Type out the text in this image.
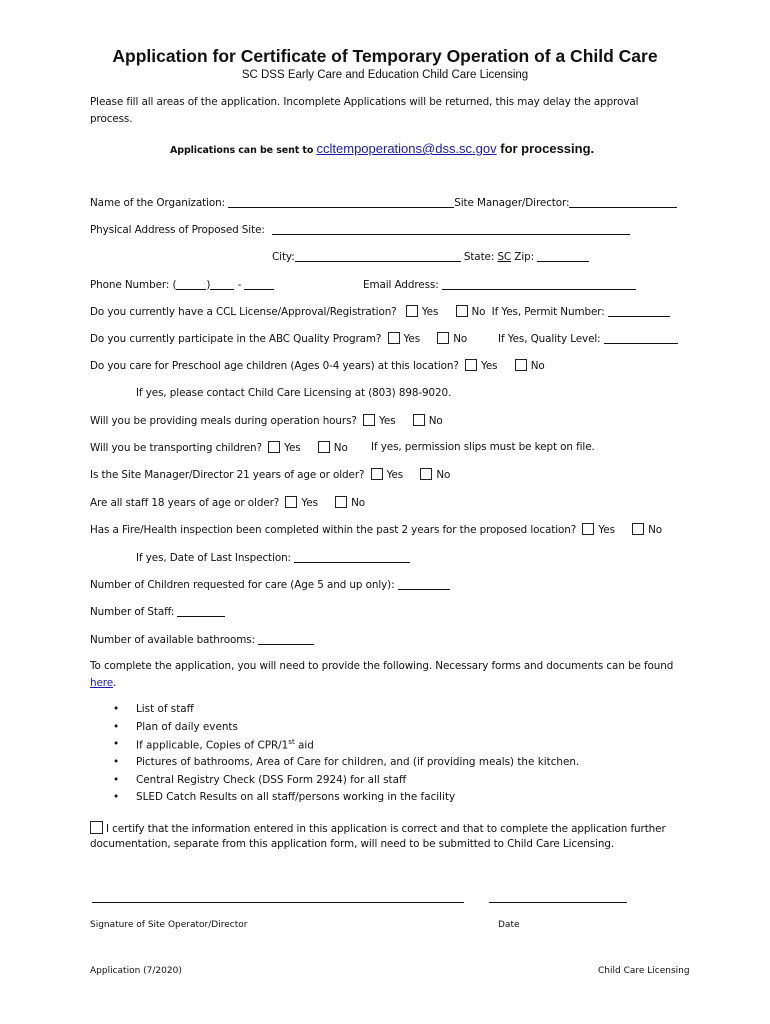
Application for Certificate of Temporary Operation of a Child Care
SC DSS Early Care and Education Child Care Licensing
Please fill all areas of the application. Incomplete Applications will be returned, this may delay the approval
process.
Applications can be sent to ccltempoperations@dss.sc.gov for processing.
Name of the Organization:	Site Manager/Director:
Physical Address of Proposed Site:
City:	State: SC Zip:
Phone Number: (	) -	Email Address:
Do you currently have a CCL License/Approval/Registration? Yes	No If Yes, Permit Number:
Do you currently participate in the ABC Quality Program? Yes	No	If Yes, Quality Level:
Do you care for Preschool age children (Ages 0-4 years) at this location? Yes	No
If yes, please contact Child Care Licensing at (803) 898-9020.
Will you be providing meals during operation hours? Yes	No
Will you be transporting children? Yes	No If yes, permission slips must be kept on file.
Is the Site Manager/Director 21 years of age or older? Yes	No
Are all staff 18 years of age or older? Yes	No
Has a Fire/Health inspection been completed within the past 2 years for the proposed location? Yes	No
If yes, Date of Last Inspection:
Number of Children requested for care (Age 5 and up only):
Number of Staff:
Number of available bathrooms:
To complete the application, you will need to provide the following. Necessary forms and documents can be found
here.
• List of staff
• Plan of daily events
• If applicable, Copies of CPR/1st aid
• Pictures of bathrooms, Area of Care for children, and (if providing meals) the kitchen.
• Central Registry Check (DSS Form 2924) for all staff
• SLED Catch Results on all staff/persons working in the facility
I certify that the information entered in this application is correct and that to complete the application further
documentation, separate from this application form, will need to be submitted to Child Care Licensing.
Signature of Site Operator/Director	Date
Application (7/2020)	Child Care Licensing
